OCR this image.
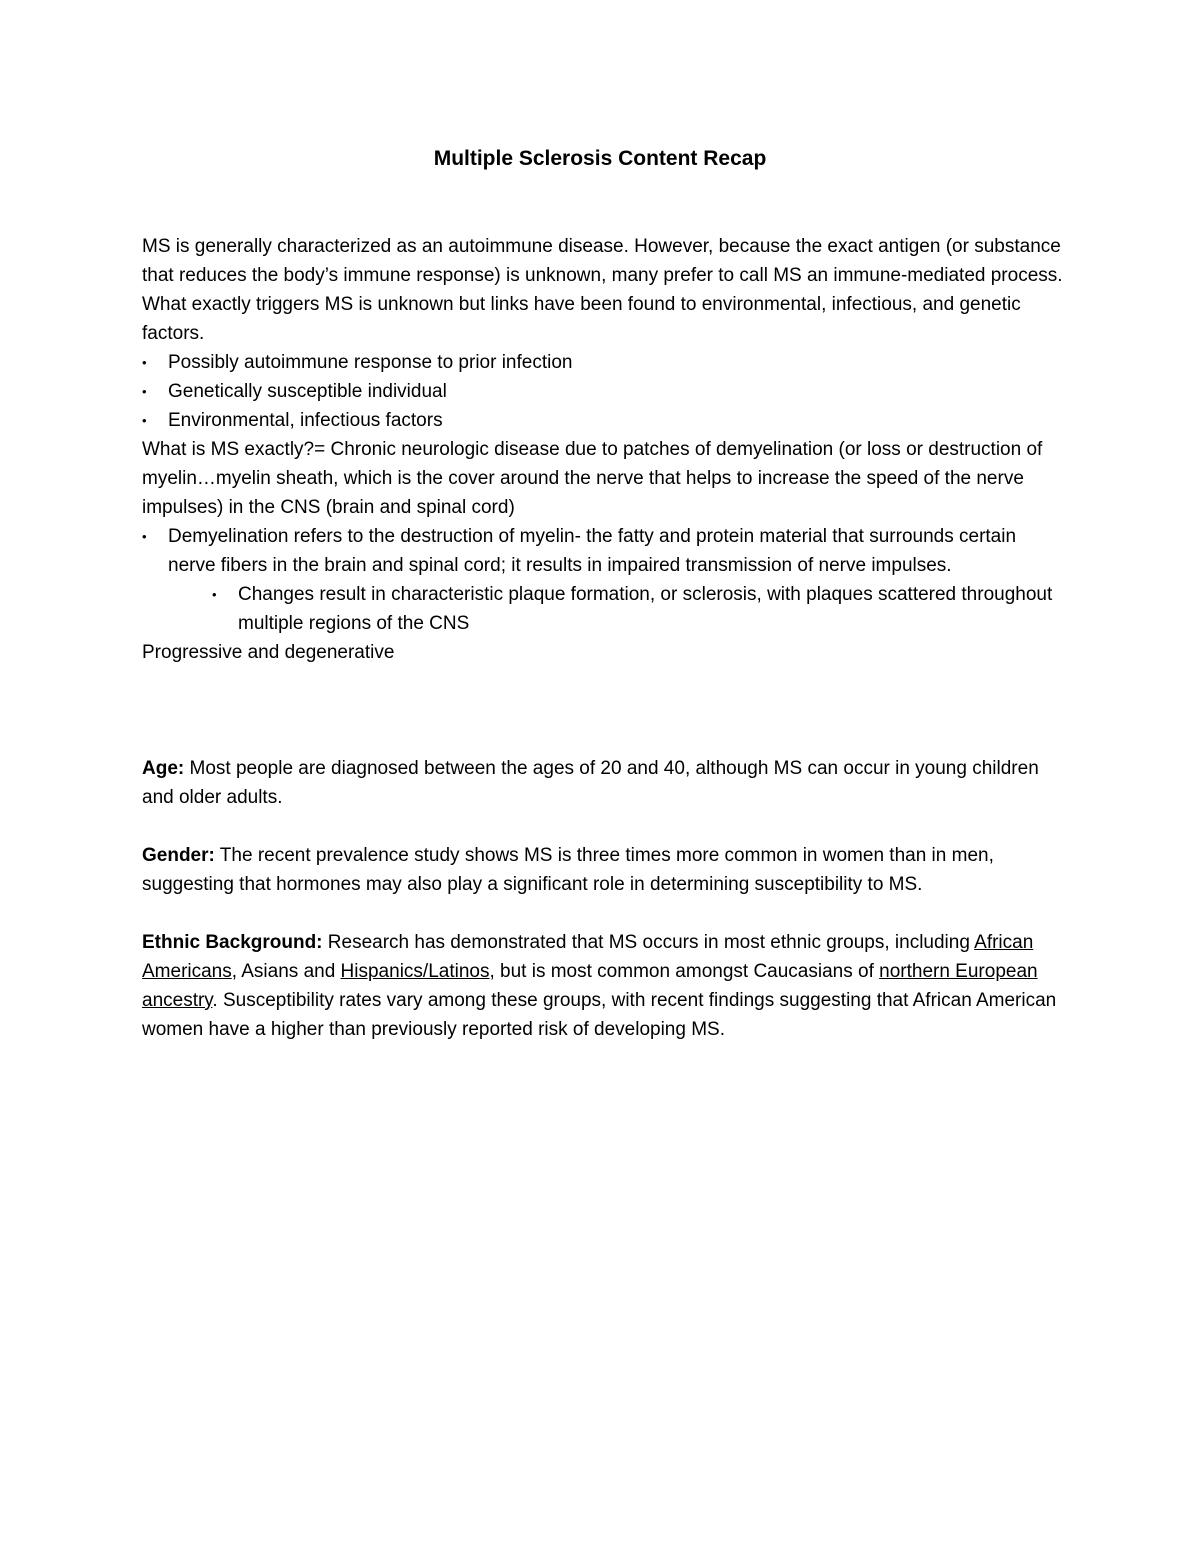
Multiple Sclerosis Content Recap

MS is generally characterized as an autoimmune disease. However, because the exact antigen (or substance that reduces the body’s immune response) is unknown, many prefer to call MS an immune-mediated process.

What exactly triggers MS is unknown but links have been found to environmental, infectious, and genetic factors.

•	Possibly autoimmune response to prior infection
•	Genetically susceptible individual
•	Environmental, infectious factors

What is MS exactly?= Chronic neurologic disease due to patches of demyelination (or loss or destruction of myelin…myelin sheath, which is the cover around the nerve that helps to increase the speed of the nerve impulses) in the CNS (brain and spinal cord)

•	Demyelination refers to the destruction of myelin- the fatty and protein material that surrounds certain nerve fibers in the brain and spinal cord; it results in impaired transmission of nerve impulses.
•	Changes result in characteristic plaque formation, or sclerosis, with plaques scattered throughout multiple regions of the CNS

Progressive and degenerative

Age: Most people are diagnosed between the ages of 20 and 40, although MS can occur in young children and older adults.

Gender: The recent prevalence study shows MS is three times more common in women than in men, suggesting that hormones may also play a significant role in determining susceptibility to MS.

Ethnic Background: Research has demonstrated that MS occurs in most ethnic groups, including African Americans, Asians and Hispanics/Latinos, but is most common amongst Caucasians of northern European ancestry. Susceptibility rates vary among these groups, with recent findings suggesting that African American women have a higher than previously reported risk of developing MS.
